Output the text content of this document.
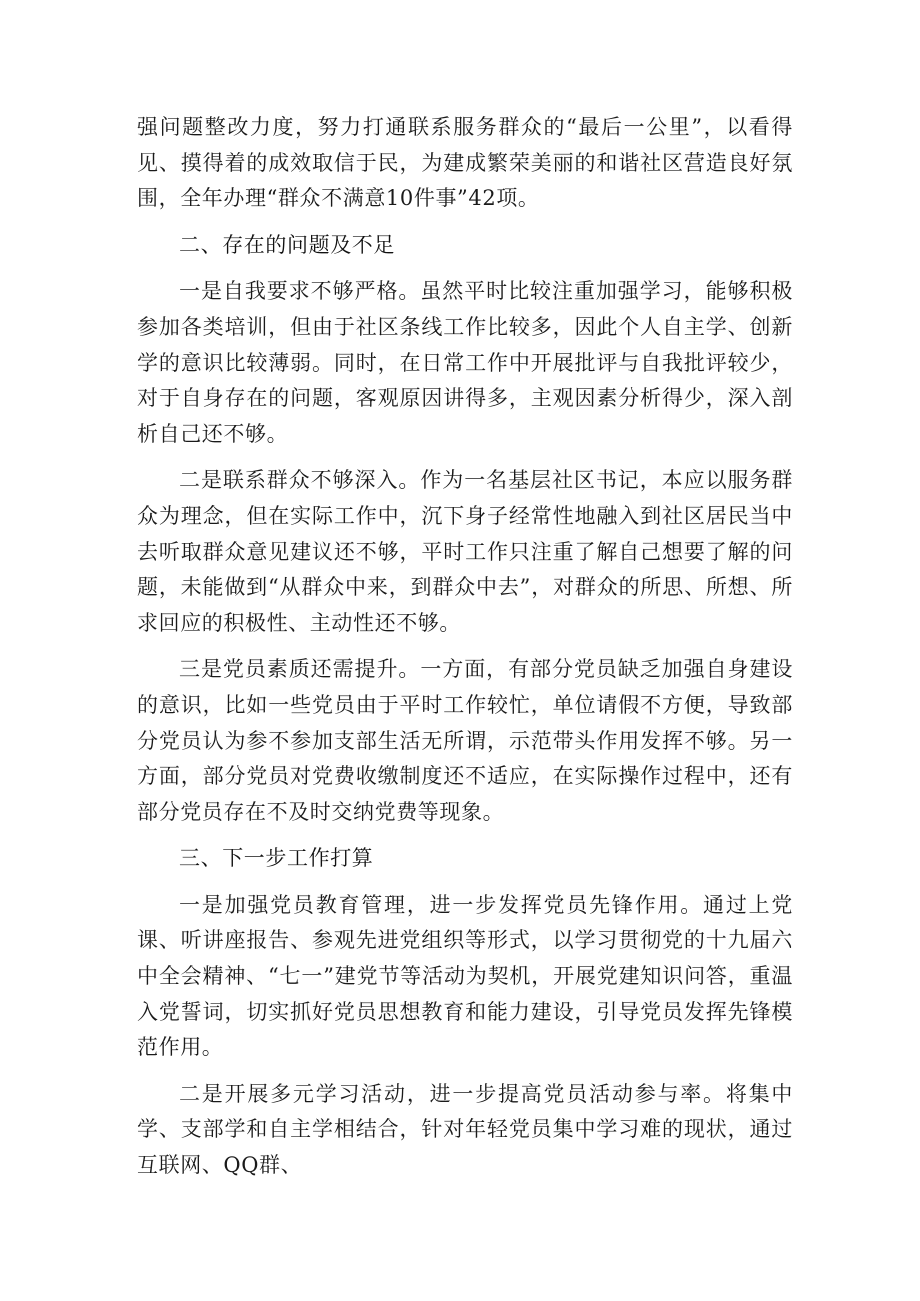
强问题整改力度，努力打通联系服务群众的“最后一公里”，以看得见、摸得着的成效取信于民，为建成繁荣美丽的和谐社区营造良好氛围，全年办理“群众不满意10件事”42项。

二、存在的问题及不足

一是自我要求不够严格。虽然平时比较注重加强学习，能够积极参加各类培训，但由于社区条线工作比较多，因此个人自主学、创新学的意识比较薄弱。同时，在日常工作中开展批评与自我批评较少，对于自身存在的问题，客观原因讲得多，主观因素分析得少，深入剖析自己还不够。

二是联系群众不够深入。作为一名基层社区书记，本应以服务群众为理念，但在实际工作中，沉下身子经常性地融入到社区居民当中去听取群众意见建议还不够，平时工作只注重了解自己想要了解的问题，未能做到“从群众中来，到群众中去”，对群众的所思、所想、所求回应的积极性、主动性还不够。

三是党员素质还需提升。一方面，有部分党员缺乏加强自身建设的意识，比如一些党员由于平时工作较忙，单位请假不方便，导致部分党员认为参不参加支部生活无所谓，示范带头作用发挥不够。另一方面，部分党员对党费收缴制度还不适应，在实际操作过程中，还有部分党员存在不及时交纳党费等现象。

三、下一步工作打算

一是加强党员教育管理，进一步发挥党员先锋作用。通过上党课、听讲座报告、参观先进党组织等形式，以学习贯彻党的十九届六中全会精神、“七一”建党节等活动为契机，开展党建知识问答，重温入党誓词，切实抓好党员思想教育和能力建设，引导党员发挥先锋模范作用。

二是开展多元学习活动，进一步提高党员活动参与率。将集中学、支部学和自主学相结合，针对年轻党员集中学习难的现状，通过互联网、QQ群、
